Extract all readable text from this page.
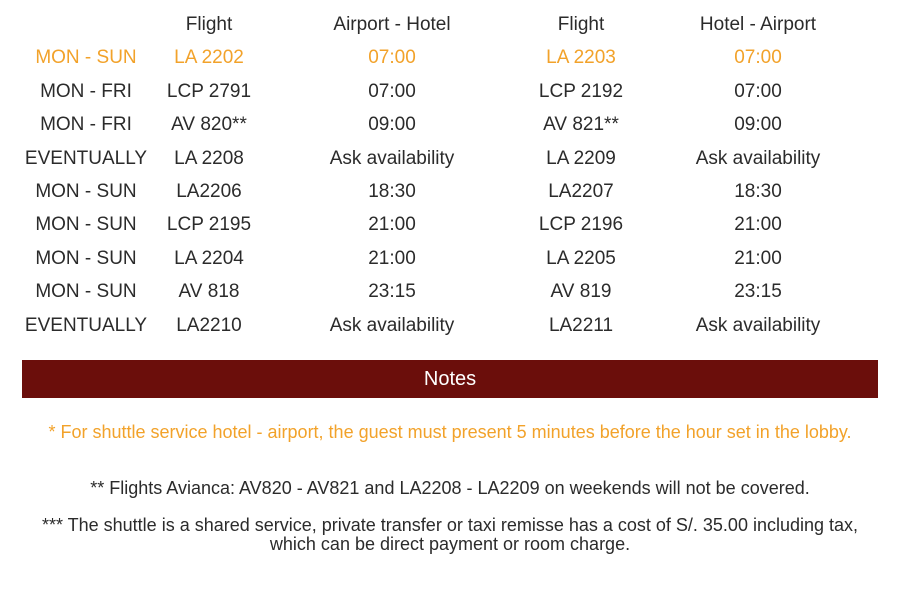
	Flight	Airport - Hotel	Flight	Hotel - Airport
MON - SUN	LA 2202	07:00	LA 2203	07:00
MON - FRI	LCP 2791	07:00	LCP 2192	07:00
MON - FRI	AV 820**	09:00	AV 821**	09:00
EVENTUALLY	LA 2208	Ask availability	LA 2209	Ask availability
MON - SUN	LA2206	18:30	LA2207	18:30
MON - SUN	LCP 2195	21:00	LCP 2196	21:00
MON - SUN	LA 2204	21:00	LA 2205	21:00
MON - SUN	AV 818	23:15	AV 819	23:15
EVENTUALLY	LA2210	Ask availability	LA2211	Ask availability
Notes
* For shuttle service hotel - airport, the guest must present 5 minutes before the hour set in the lobby.
** Flights Avianca: AV820 - AV821 and LA2208 - LA2209 on weekends will not be covered.
*** The shuttle is a shared service, private transfer or taxi remisse has a cost of S/. 35.00 including tax, which can be direct payment or room charge.
